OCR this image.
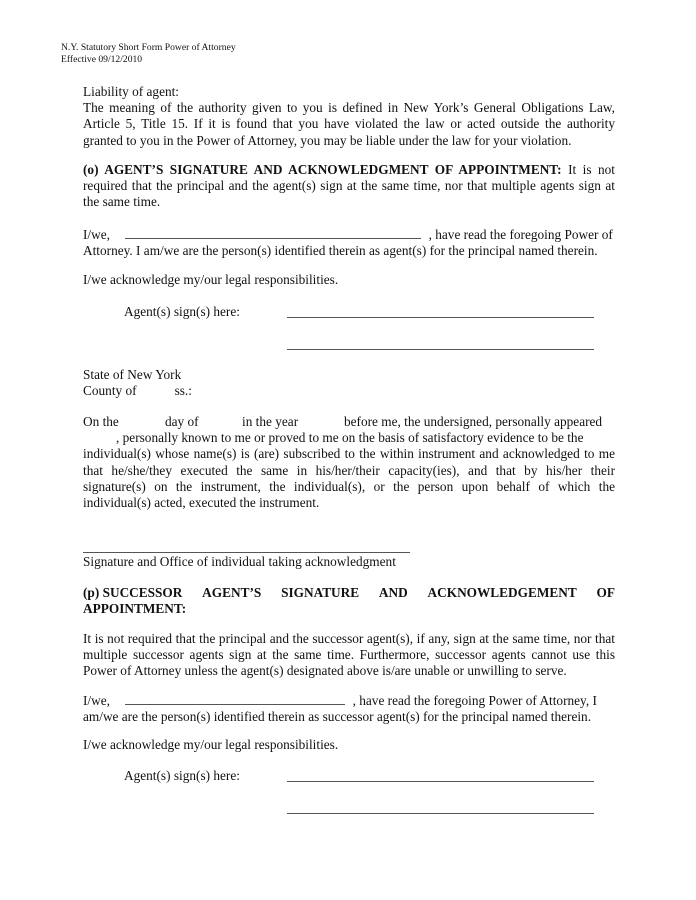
N.Y. Statutory Short Form Power of Attorney
Effective 09/12/2010
Liability of agent:
The meaning of the authority given to you is defined in New York’s General Obligations Law, Article 5, Title 15. If it is found that you have violated the law or acted outside the authority granted to you in the Power of Attorney, you may be liable under the law for your violation.
(o) AGENT’S SIGNATURE AND ACKNOWLEDGMENT OF APPOINTMENT: It is not required that the principal and the agent(s) sign at the same time, nor that multiple agents sign at the same time.
I/we,	, have read the foregoing Power of
Attorney. I am/we are the person(s) identified therein as agent(s) for the principal named therein.
I/we acknowledge my/our legal responsibilities.
Agent(s) sign(s) here:
State of New York
County of	ss.:
On the	day of	in the year	before me, the undersigned, personally appeared
, personally known to me or proved to me on the basis of satisfactory evidence to be the
individual(s) whose name(s) is (are) subscribed to the within instrument and acknowledged to me that he/she/they executed the same in his/her/their capacity(ies), and that by his/her their signature(s) on the instrument, the individual(s), or the person upon behalf of which the individual(s) acted, executed the instrument.
Signature and Office of individual taking acknowledgment
(p) SUCCESSOR AGENT’S SIGNATURE AND ACKNOWLEDGEMENT OF
APPOINTMENT:
It is not required that the principal and the successor agent(s), if any, sign at the same time, nor that multiple successor agents sign at the same time. Furthermore, successor agents cannot use this Power of Attorney unless the agent(s) designated above is/are unable or unwilling to serve.
I/we,	, have read the foregoing Power of Attorney, I
am/we are the person(s) identified therein as successor agent(s) for the principal named therein.
I/we acknowledge my/our legal responsibilities.
Agent(s) sign(s) here:
